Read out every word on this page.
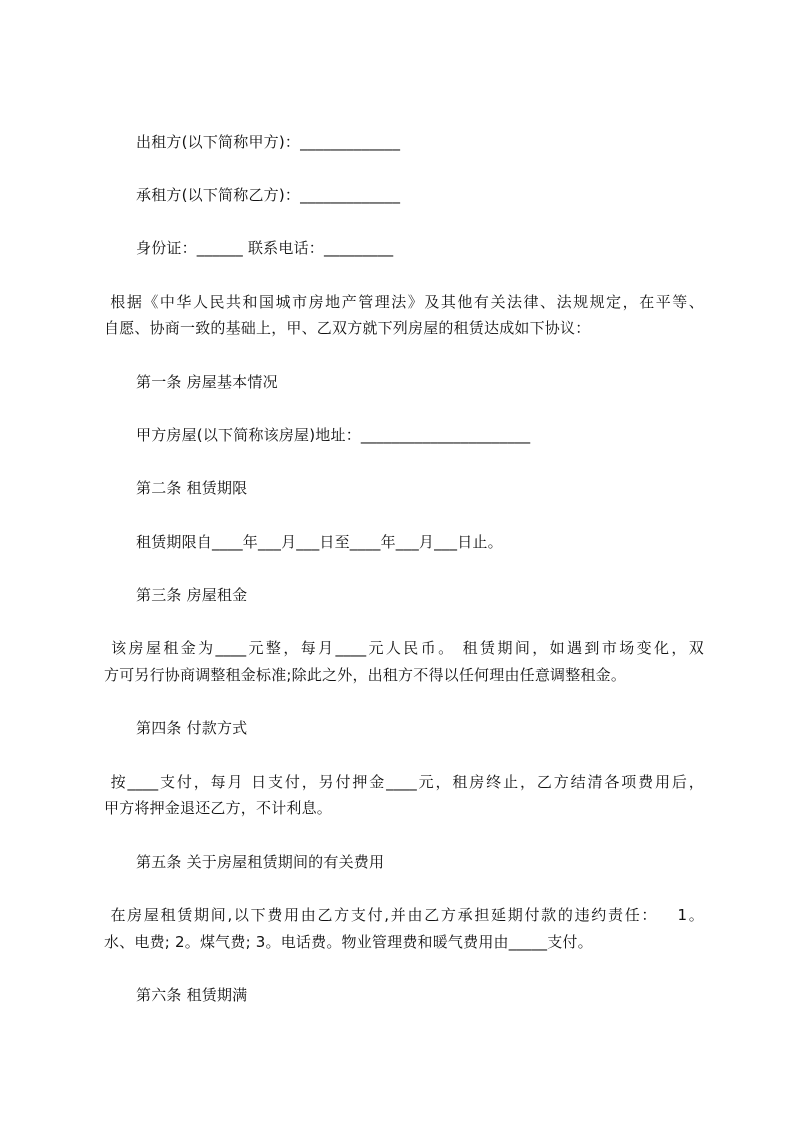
出租方(以下简称甲方)：_____________
承租方(以下简称乙方)：_____________
身份证：______ 联系电话：_________
根据《中华人民共和国城市房地产管理法》及其他有关法律、法规规定，在平等、
自愿、协商一致的基础上，甲、乙双方就下列房屋的租赁达成如下协议：
第一条 房屋基本情况
甲方房屋(以下简称该房屋)地址：______________________
第二条 租赁期限
租赁期限自____年___月___日至____年___月___日止。
第三条 房屋租金
该房屋租金为____元整，每月____元人民币。 租赁期间，如遇到市场变化，双
方可另行协商调整租金标准;除此之外，出租方不得以任何理由任意调整租金。
第四条 付款方式
按____支付，每月 日支付，另付押金____元，租房终止，乙方结清各项费用后，
甲方将押金退还乙方，不计利息。
第五条 关于房屋租赁期间的有关费用
在房屋租赁期间,以下费用由乙方支付,并由乙方承担延期付款的违约责任：   1。
水、电费; 2。煤气费; 3。电话费。物业管理费和暖气费用由_____支付。
第六条 租赁期满
